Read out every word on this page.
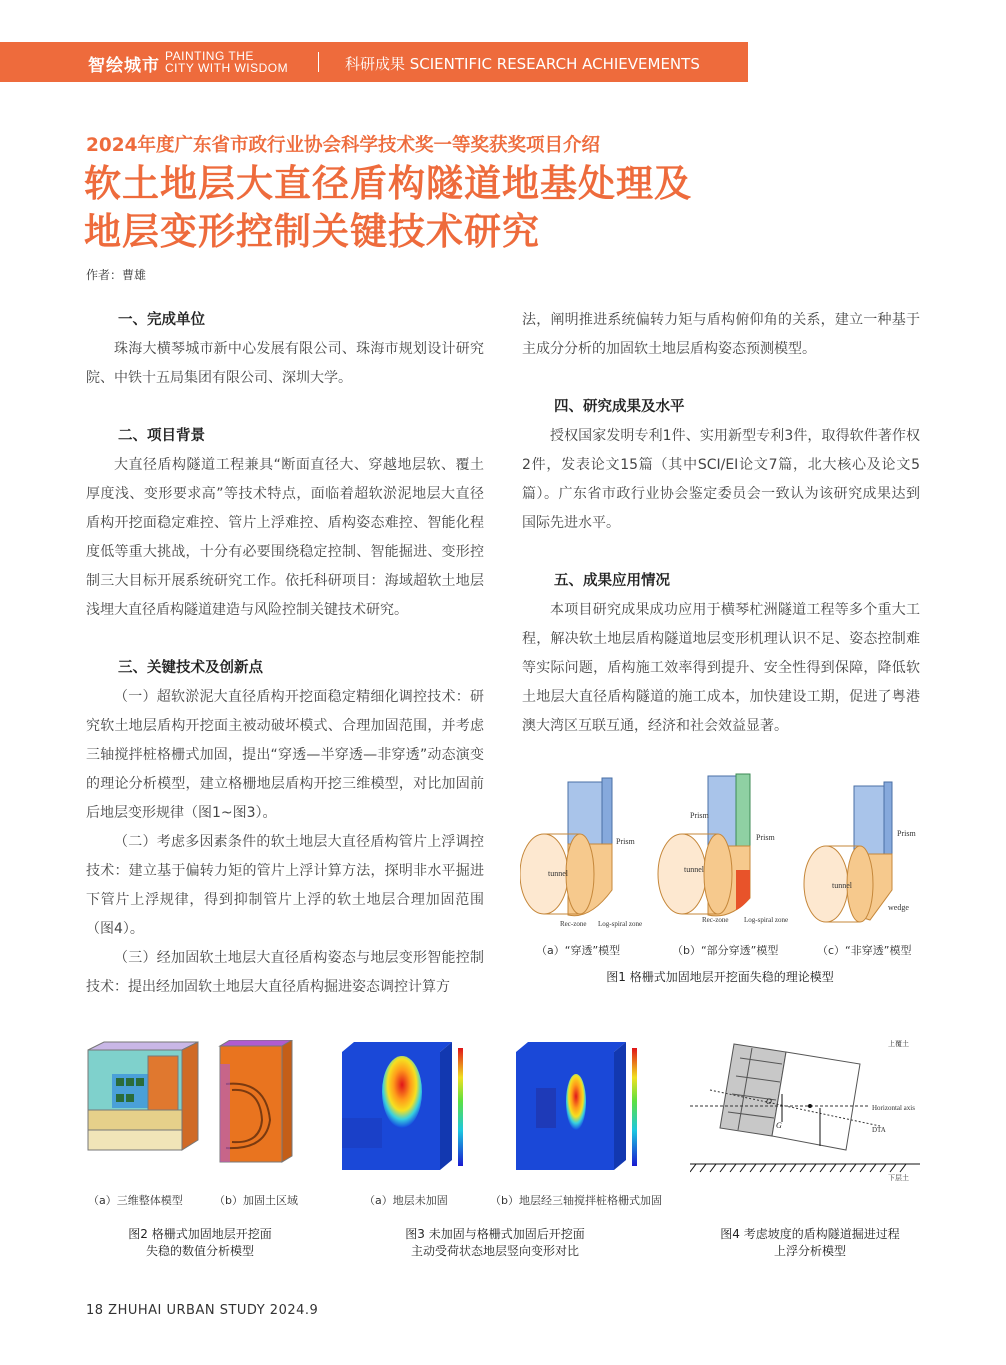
智绘城市 PAINTING THE
CITY WITH WISDOM	科研成果 SCIENTIFIC RESEARCH ACHIEVEMENTS
2024年度广东省市政行业协会科学技术奖一等奖获奖项目介绍
软土地层大直径盾构隧道地基处理及
地层变形控制关键技术研究
作者：曹雄
一、完成单位

珠海大横琴城市新中心发展有限公司、珠海市规划设计研究院、中铁十五局集团有限公司、深圳大学。

二、项目背景

大直径盾构隧道工程兼具“断面直径大、穿越地层软、覆土厚度浅、变形要求高”等技术特点，面临着超软淤泥地层大直径盾构开挖面稳定难控、管片上浮难控、盾构姿态难控、智能化程度低等重大挑战，十分有必要围绕稳定控制、智能掘进、变形控制三大目标开展系统研究工作。依托科研项目：海域超软土地层浅埋大直径盾构隧道建造与风险控制关键技术研究。

三、关键技术及创新点

（一）超软淤泥大直径盾构开挖面稳定精细化调控技术：研究软土地层盾构开挖面主被动破坏模式、合理加固范围，并考虑三轴搅拌桩格栅式加固，提出“穿透—半穿透—非穿透”动态演变的理论分析模型，建立格栅地层盾构开挖三维模型，对比加固前后地层变形规律（图1~图3）。

（二）考虑多因素条件的软土地层大直径盾构管片上浮调控技术：建立基于偏转力矩的管片上浮计算方法，探明非水平掘进下管片上浮规律，得到抑制管片上浮的软土地层合理加固范围（图4）。

（三）经加固软土地层大直径盾构姿态与地层变形智能控制技术：提出经加固软土地层大直径盾构掘进姿态调控计算方

法，阐明推进系统偏转力矩与盾构俯仰角的关系，建立一种基于主成分分析的加固软土地层盾构姿态预测模型。

四、研究成果及水平

授权国家发明专利1件、实用新型专利3件，取得软件著作权2件，发表论文15篇（其中SCI/EI论文7篇，北大核心及论文5篇）。广东省市政行业协会鉴定委员会一致认为该研究成果达到国际先进水平。

五、成果应用情况

本项目研究成果成功应用于横琴杧洲隧道工程等多个重大工程，解决软土地层盾构隧道地层变形机理认识不足、姿态控制难等实际问题，盾构施工效率得到提升、安全性得到保障，降低软土地层大直径盾构隧道的施工成本，加快建设工期，促进了粤港澳大湾区互联互通，经济和社会效益显著。

Prism
tunnel
Rec-zone Log-spiral zone
Prism
Prism
tunnel
Rec-zone Log-spiral zone
Prism
tunnel
wedge
（a）“穿透”模型	（b）“部分穿透”模型	（c）“非穿透”模型
图1 格栅式加固地层开挖面失稳的理论模型
（a）三维整体模型	（b）加固土区域
图2 格栅式加固地层开挖面
失稳的数值分析模型
（a）地层未加固	（b）地层经三轴搅拌桩格栅式加固
图3 未加固与格栅式加固后开挖面
主动受荷状态地层竖向变形对比
上覆土
Horizontal axis
DTA
下层土
G
O
图4 考虑坡度的盾构隧道掘进过程
上浮分析模型
18 ZHUHAI URBAN STUDY 2024.9
